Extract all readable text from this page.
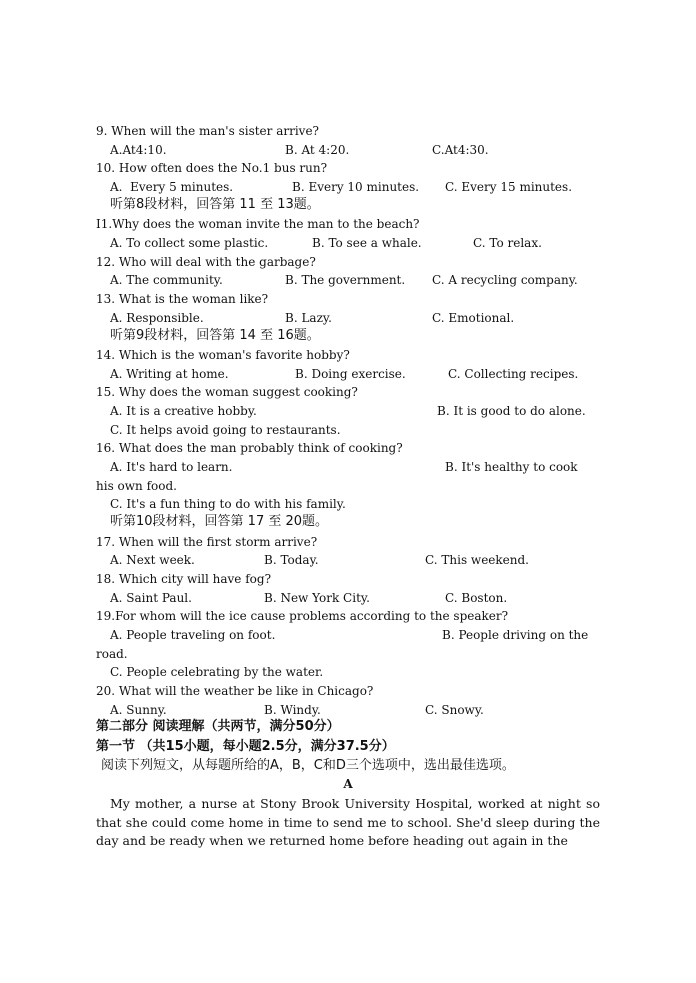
9. When will the man's sister arrive?
A.At4:10.	B. At 4:20.	C.At4:30.
10. How often does the No.1 bus run?
A.  Every 5 minutes.	B. Every 10 minutes. C. Every 15 minutes.
听第8段材料，回答第 11 至 13题。
I1.Why does the woman invite the man to the beach?
A. To collect some plastic.	B. To see a whale.	C. To relax.
12. Who will deal with the garbage?
A. The community.	B. The government. C. A recycling company.
13. What is the woman like?
A. Responsible.	B. Lazy.	C. Emotional.
听第9段材料，回答第 14 至 16题。
14. Which is the woman's favorite hobby?
A. Writing at home.	B. Doing exercise.	C. Collecting recipes.
15. Why does the woman suggest cooking?
A. It is a creative hobby.	B. It is good to do alone.
C. It helps avoid going to restaurants.
16. What does the man probably think of cooking?
A. It's hard to learn.	B. It's healthy to cook
his own food.
C. It's a fun thing to do with his family.
听第10段材料，回答第 17 至 20题。
17. When will the first storm arrive?
A. Next week.	B. Today.	C. This weekend.
18. Which city will have fog?
A. Saint Paul.	B. New York City.	C. Boston.
19.For whom will the ice cause problems according to the speaker?
A. People traveling on foot.	B. People driving on the
road.
C. People celebrating by the water.
20. What will the weather be like in Chicago?
A. Sunny.	B. Windy.	C. Snowy.
第二部分 阅读理解（共两节，满分50分）
第一节 （共15小题，每小题2.5分，满分37.5分）
阅读下列短文，从每题所给的A，B，C和D三个选项中，选出最佳选项。
A
My mother, a nurse at Stony Brook University Hospital, worked at night so that she could come home in time to send me to school. She'd sleep during the day and be ready when we returned home before heading out again in the
